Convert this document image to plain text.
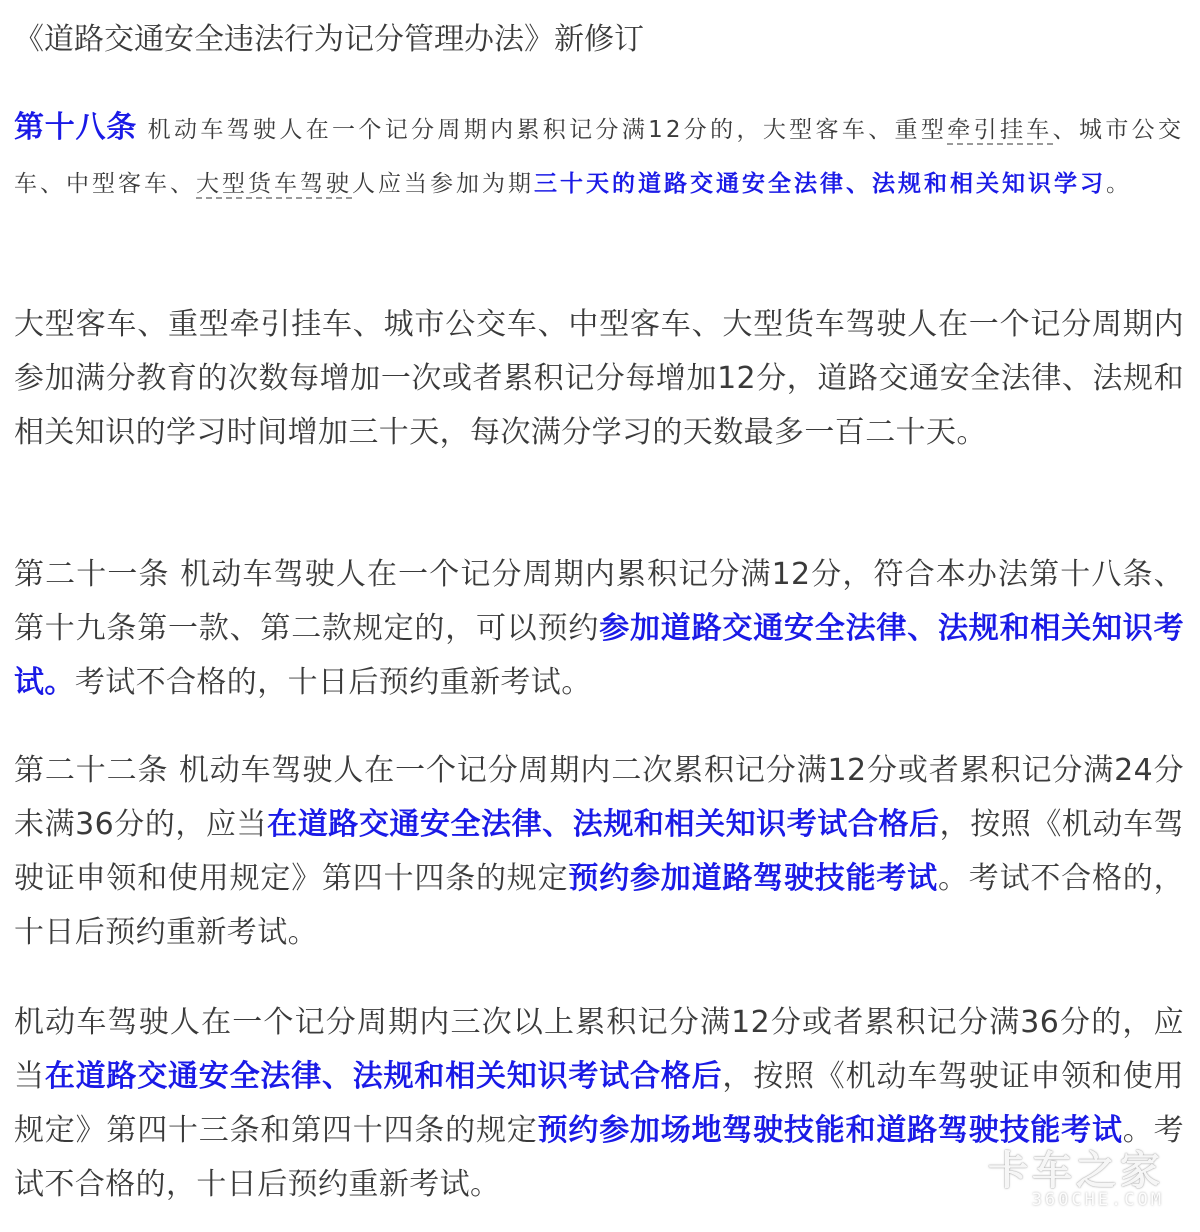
《道路交通安全违法行为记分管理办法》新修订
第十八条 机动车驾驶人在一个记分周期内累积记分满12分的，大型客车、重型牵引挂车、城市公交车、中型客车、大型货车驾驶人应当参加为期三十天的道路交通安全法律、法规和相关知识学习。
大型客车、重型牵引挂车、城市公交车、中型客车、大型货车驾驶人在一个记分周期内参加满分教育的次数每增加一次或者累积记分每增加12分，道路交通安全法律、法规和相关知识的学习时间增加三十天，每次满分学习的天数最多一百二十天。
第二十一条 机动车驾驶人在一个记分周期内累积记分满12分，符合本办法第十八条、第十九条第一款、第二款规定的，可以预约参加道路交通安全法律、法规和相关知识考试。考试不合格的，十日后预约重新考试。
第二十二条 机动车驾驶人在一个记分周期内二次累积记分满12分或者累积记分满24分未满36分的，应当在道路交通安全法律、法规和相关知识考试合格后，按照《机动车驾驶证申领和使用规定》第四十四条的规定预约参加道路驾驶技能考试。考试不合格的，十日后预约重新考试。
机动车驾驶人在一个记分周期内三次以上累积记分满12分或者累积记分满36分的，应当在道路交通安全法律、法规和相关知识考试合格后，按照《机动车驾驶证申领和使用规定》第四十三条和第四十四条的规定预约参加场地驾驶技能和道路驾驶技能考试。考试不合格的，十日后预约重新考试。	卡车之家
360CHE.COM
